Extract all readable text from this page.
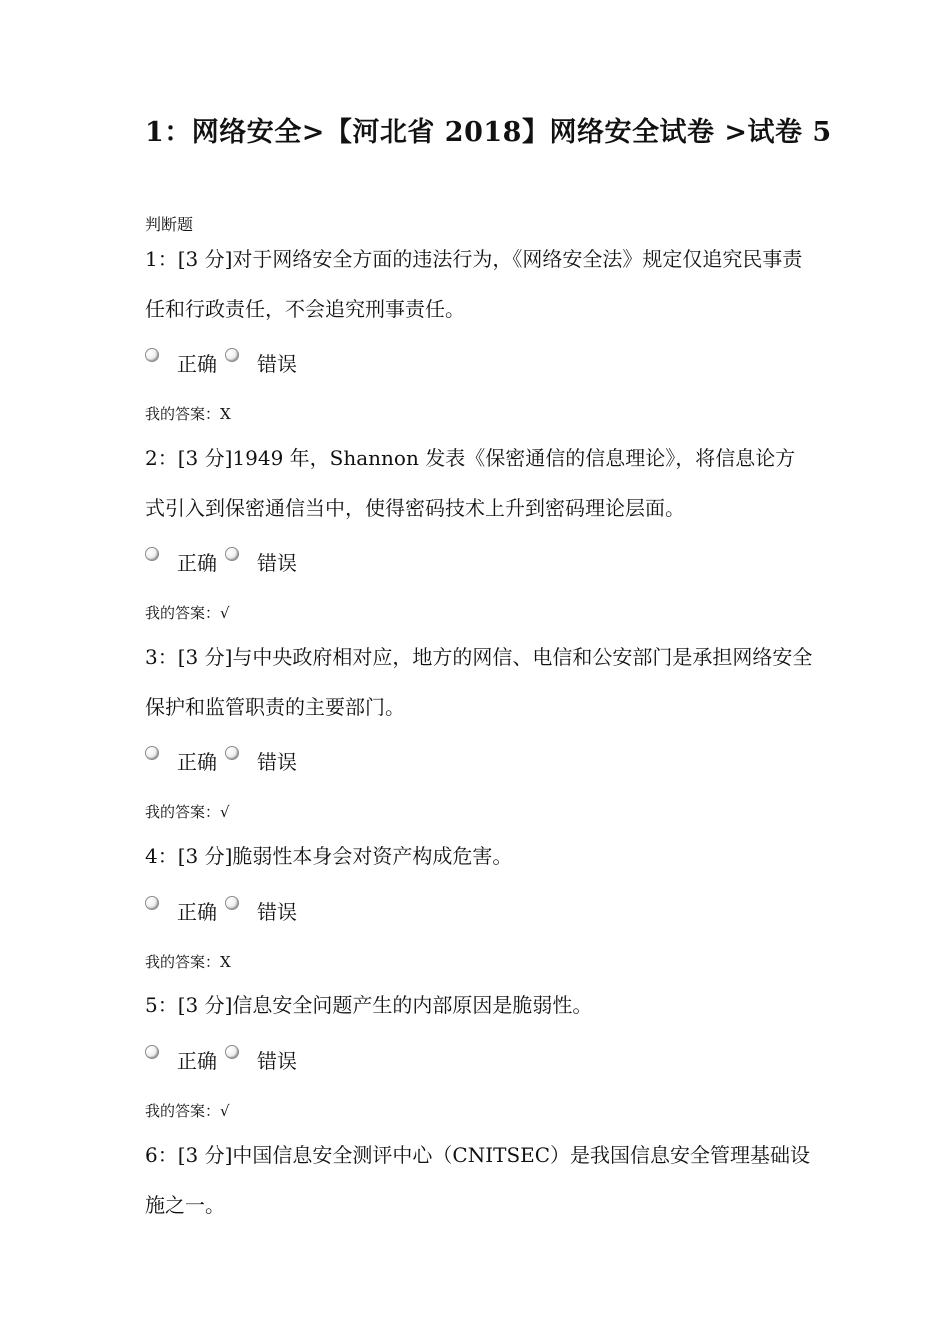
1：网络安全>【河北省 2018】网络安全试卷 >试卷 5
判断题
1：[3 分]对于网络安全方面的违法行为，《网络安全法》规定仅追究民事责任和行政责任，不会追究刑事责任。
正确 错误
我的答案：X
2：[3 分]1949 年，Shannon 发表《保密通信的信息理论》，将信息论方式引入到保密通信当中，使得密码技术上升到密码理论层面。
正确 错误
我的答案：√
3：[3 分]与中央政府相对应，地方的网信、电信和公安部门是承担网络安全保护和监管职责的主要部门。
正确 错误
我的答案：√
4：[3 分]脆弱性本身会对资产构成危害。
正确 错误
我的答案：X
5：[3 分]信息安全问题产生的内部原因是脆弱性。
正确 错误
我的答案：√
6：[3 分]中国信息安全测评中心（CNITSEC）是我国信息安全管理基础设施之一。
